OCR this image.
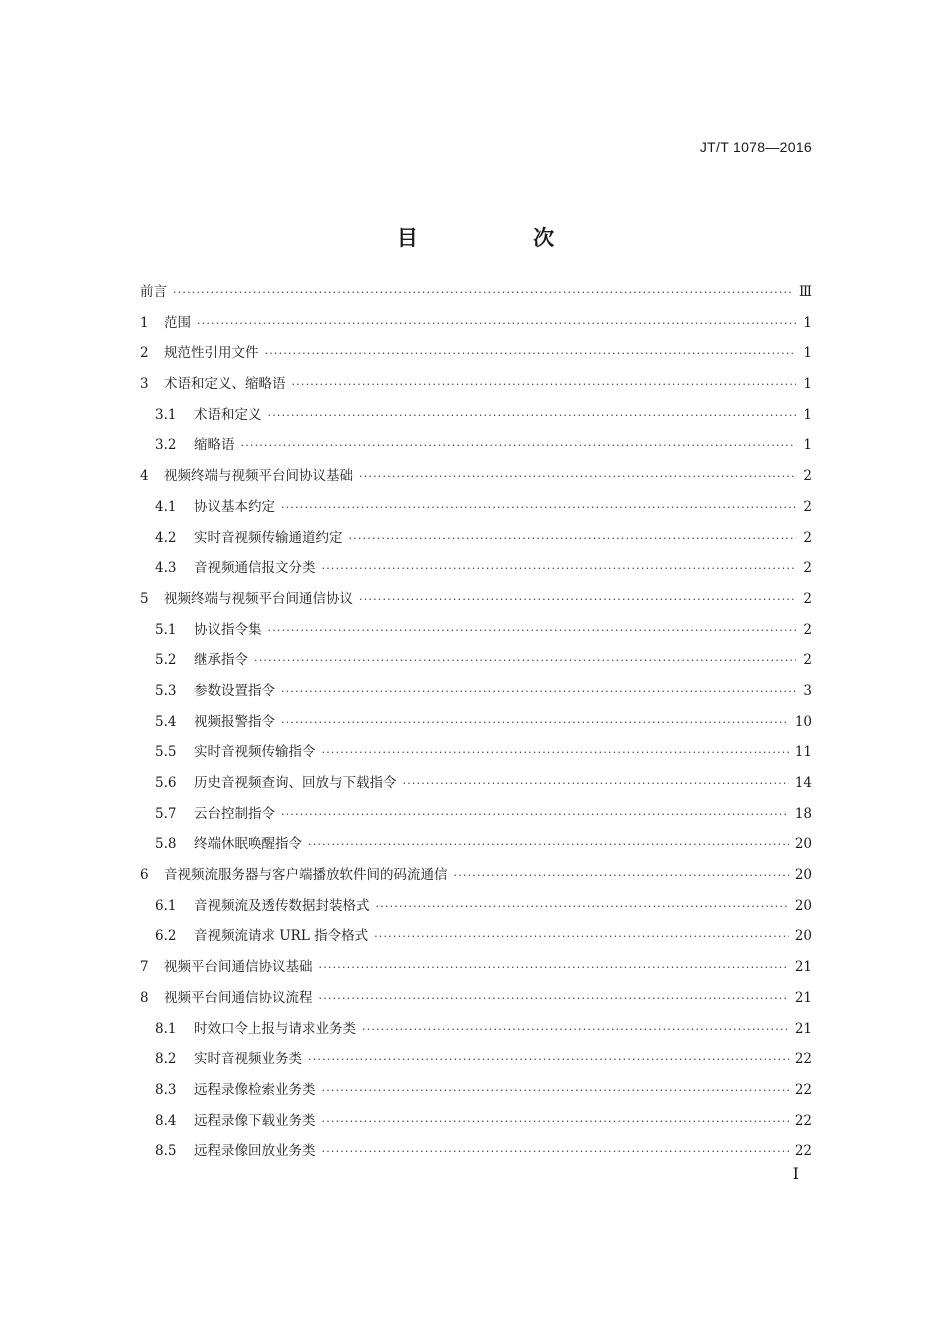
JT/T 1078—2016
目 次
前言 ·····	Ⅲ
1	范围 ·····	1
2	规范性引用文件 ·····	1
3	术语和定义、缩略语 ·····	1
3.1	术语和定义 ·····	1
3.2	缩略语 ·····	1
4	视频终端与视频平台间协议基础 ·····	2
4.1	协议基本约定 ·····	2
4.2	实时音视频传输通道约定 ·····	2
4.3	音视频通信报文分类 ·····	2
5	视频终端与视频平台间通信协议 ·····	2
5.1	协议指令集 ·····	2
5.2	继承指令 ·····	2
5.3	参数设置指令 ·····	3
5.4	视频报警指令 ·····	10
5.5	实时音视频传输指令 ·····	11
5.6	历史音视频查询、回放与下载指令 ·····	14
5.7	云台控制指令 ·····	18
5.8	终端休眠唤醒指令 ·····	20
6	音视频流服务器与客户端播放软件间的码流通信 ·····	20
6.1	音视频流及透传数据封装格式 ·····	20
6.2	音视频流请求 URL 指令格式 ·····	20
7	视频平台间通信协议基础 ·····	21
8	视频平台间通信协议流程 ·····	21
8.1	时效口令上报与请求业务类 ·····	21
8.2	实时音视频业务类 ·····	22
8.3	远程录像检索业务类 ·····	22
8.4	远程录像下载业务类 ·····	22
8.5	远程录像回放业务类 ·····	22
Ⅰ
